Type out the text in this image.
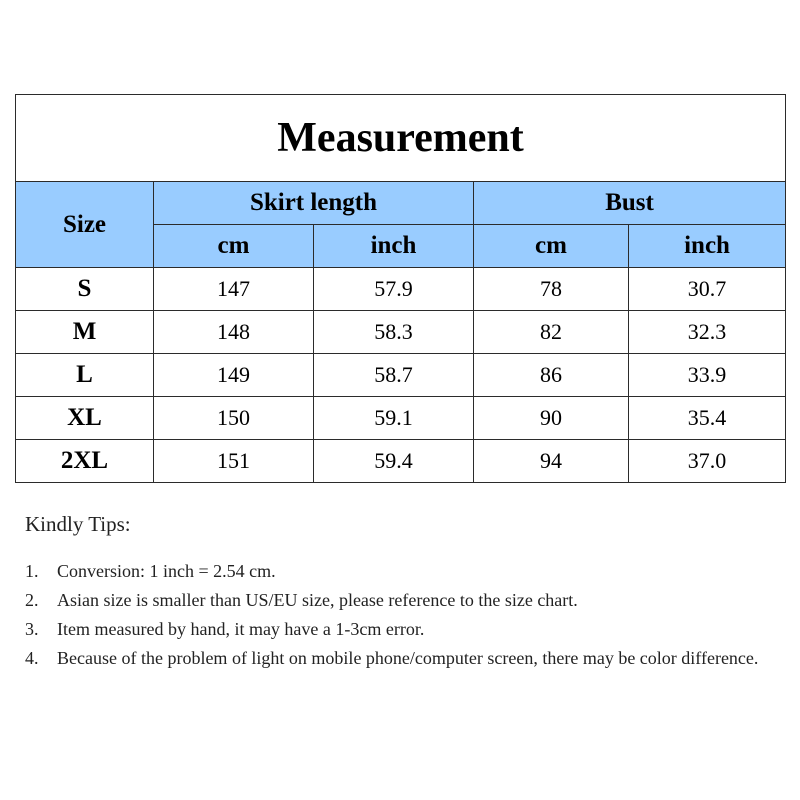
Measurement				
Size	Skirt length		Bust	
	cm	inch	cm	inch
S	147	57.9	78	30.7
M	148	58.3	82	32.3
L	149	58.7	86	33.9
XL	150	59.1	90	35.4
2XL	151	59.4	94	37.0

Kindly Tips:

1.	Conversion: 1 inch = 2.54 cm.
2.	Asian size is smaller than US/EU size, please reference to the size chart.
3.	Item measured by hand, it may have a 1-3cm error.
4.	Because of the problem of light on mobile phone/computer screen, there may be color difference.
